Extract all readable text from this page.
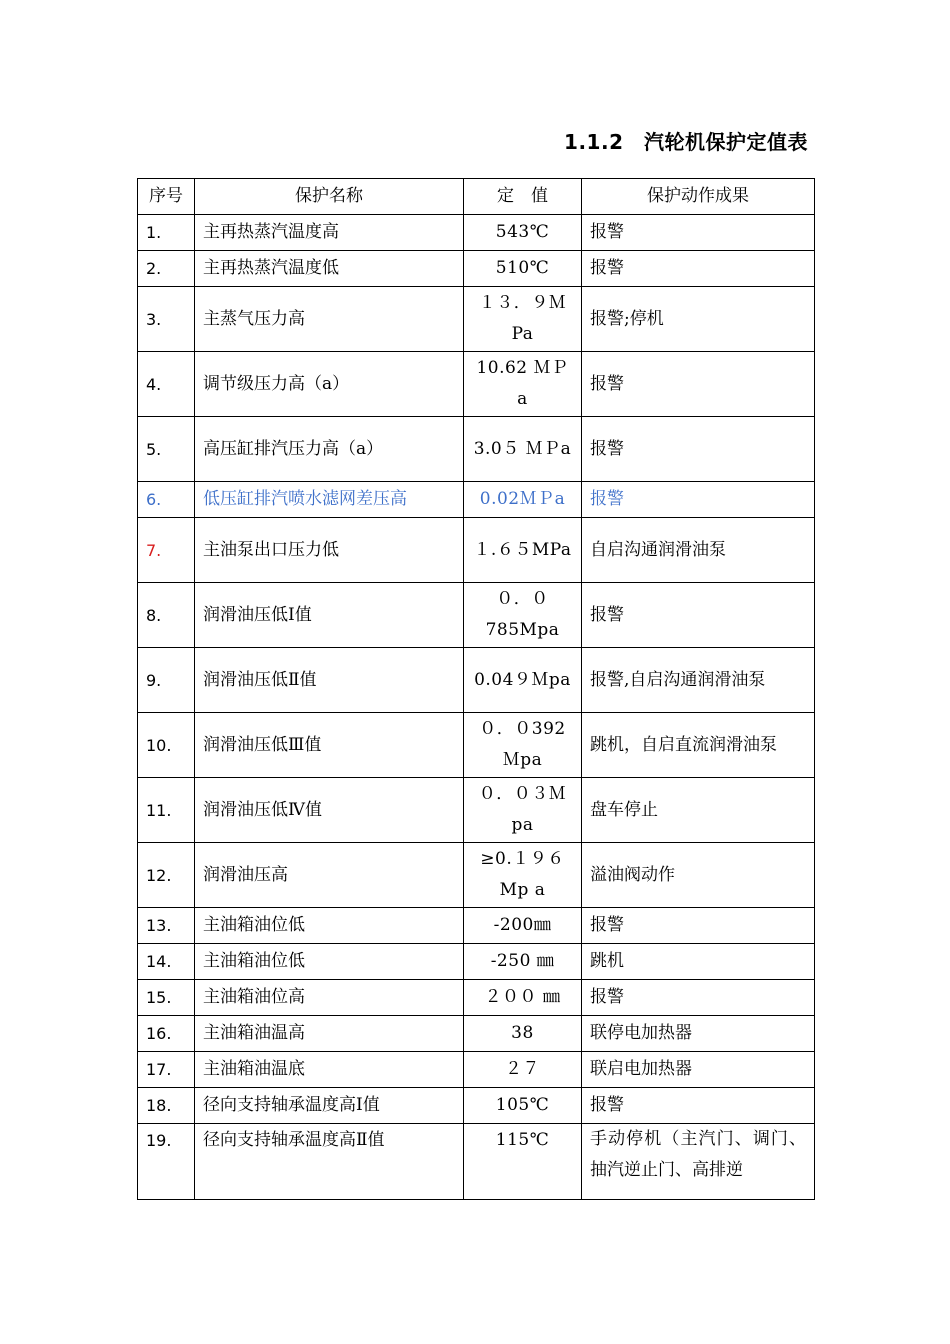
1.1.2　汽轮机保护定值表
序号	保护名称	定　值	保护动作成果
1.	主再热蒸汽温度高	543℃	报警
2.	主再热蒸汽温度低	510℃	报警
3.	主蒸气压力高	１３．９ＭPa	报警;停机
4.	调节级压力高（a）	10.62 ＭＰa	报警
5.	高压缸排汽压力高（a）	3.0５ ＭＰa	报警
6.	低压缸排汽喷水滤网差压高	0.02ＭＰa	报警
7.	主油泵出口压力低	１.６５MPa	自启沟通润滑油泵
8.	润滑油压低Ⅰ值	０．０785Mpa	报警
9.	润滑油压低Ⅱ值	0.04９Ｍpa	报警,自启沟通润滑油泵
10.	润滑油压低Ⅲ值	０．０392Ｍpa	跳机，自启直流润滑油泵
11.	润滑油压低Ⅳ值	０．０３Ｍpa	盘车停止
12.	润滑油压高	≥0.１９６Mp a	溢油阀动作
13.	主油箱油位低	-200㎜	报警
14.	主油箱油位低	-250 ㎜	跳机
15.	主油箱油位高	２００ ㎜	报警
16.	主油箱油温高	38	联停电加热器
17.	主油箱油温底	２７	联启电加热器
18.	径向支持轴承温度高Ⅰ值	105℃	报警
19.	径向支持轴承温度高Ⅱ值	115℃	手动停机（主汽门、调门、抽汽逆止门、高排逆
